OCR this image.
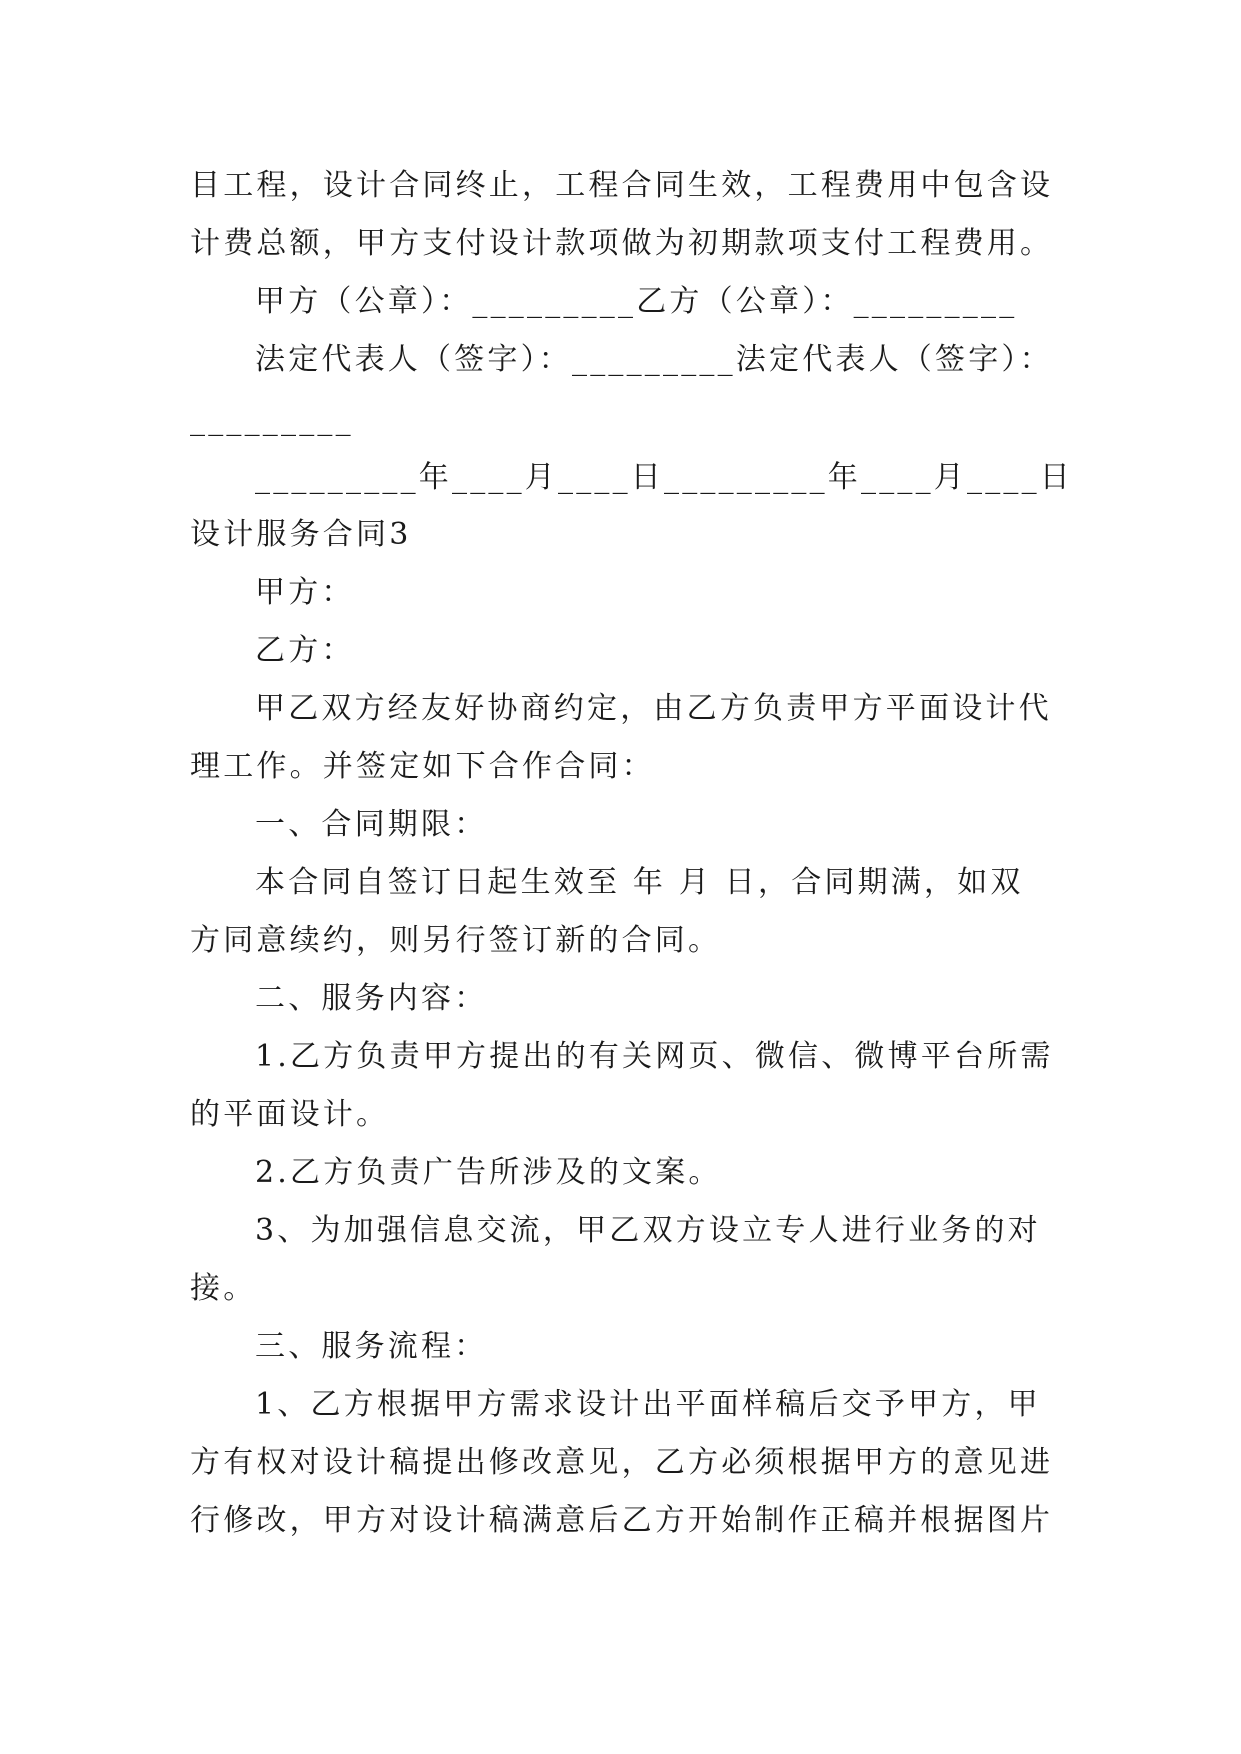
目工程，设计合同终止，工程合同生效，工程费用中包含设
计费总额，甲方支付设计款项做为初期款项支付工程费用。
甲方（公章）：_________乙方（公章）：_________
法定代表人（签字）：_________法定代表人（签字）：
_________
_________年____月____日_________年____月____日
设计服务合同3
甲方：
乙方：
甲乙双方经友好协商约定，由乙方负责甲方平面设计代
理工作。并签定如下合作合同：
一、合同期限：
本合同自签订日起生效至 年 月 日，合同期满，如双
方同意续约，则另行签订新的合同。
二、服务内容：
1.乙方负责甲方提出的有关网页、微信、微博平台所需
的平面设计。
2.乙方负责广告所涉及的文案。
3、为加强信息交流，甲乙双方设立专人进行业务的对
接。
三、服务流程：
1、乙方根据甲方需求设计出平面样稿后交予甲方，甲
方有权对设计稿提出修改意见，乙方必须根据甲方的意见进
行修改，甲方对设计稿满意后乙方开始制作正稿并根据图片
